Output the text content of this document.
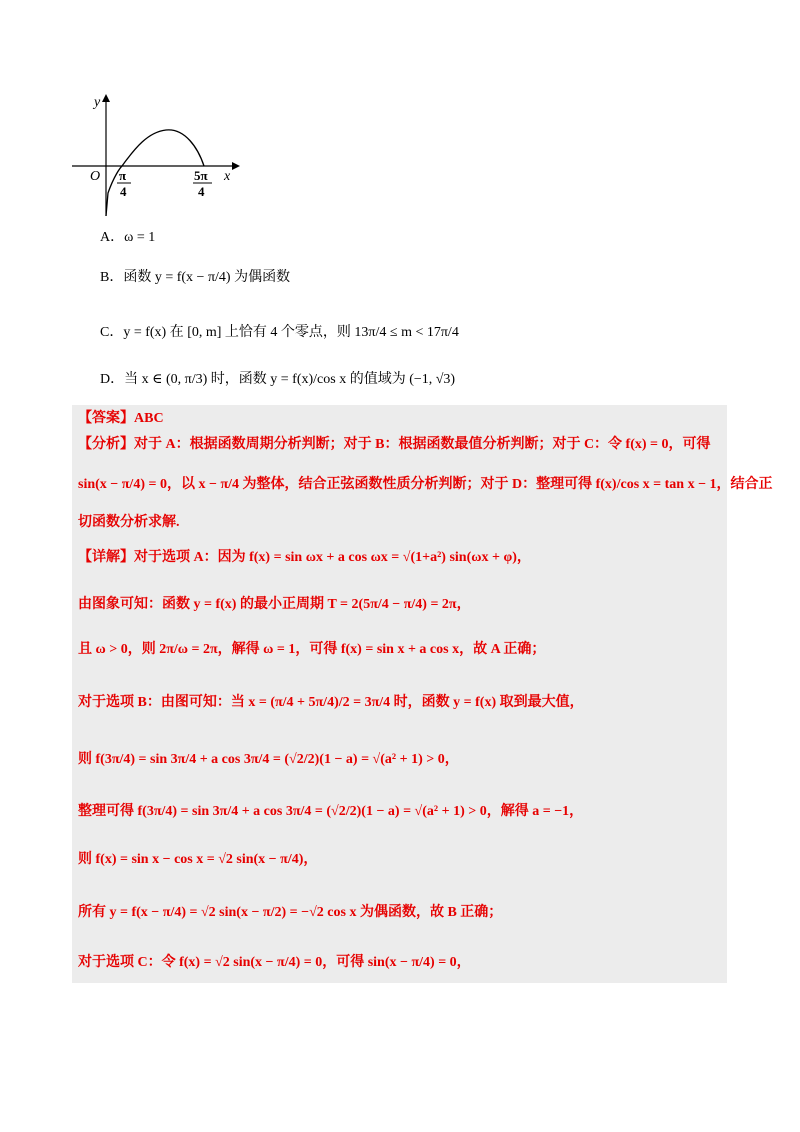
y
x
O π
4
5π
4
A．ω = 1
B．函数 y = f(x − π/4) 为偶函数
C．y = f(x) 在 [0, m] 上恰有 4 个零点，则 13π/4 ≤ m < 17π/4
D．当 x ∈ (0, π/3) 时，函数 y = f(x)/cos x 的值域为 (−1, √3)
【答案】ABC
【分析】对于 A：根据函数周期分析判断；对于 B：根据函数最值分析判断；对于 C：令 f(x) = 0，可得
sin(x − π/4) = 0，以 x − π/4 为整体，结合正弦函数性质分析判断；对于 D：整理可得 f(x)/cos x = tan x − 1，结合正
切函数分析求解.
【详解】对于选项 A：因为 f(x) = sin ωx + a cos ωx = √(1+a²) sin(ωx + φ)，
由图象可知：函数 y = f(x) 的最小正周期 T = 2(5π/4 − π/4) = 2π，
且 ω > 0，则 2π/ω = 2π，解得 ω = 1，可得 f(x) = sin x + a cos x，故 A 正确；
对于选项 B：由图可知：当 x = (π/4 + 5π/4)/2 = 3π/4 时，函数 y = f(x) 取到最大值，
则 f(3π/4) = sin 3π/4 + a cos 3π/4 = (√2/2)(1 − a) = √(a² + 1) > 0，
整理可得 f(3π/4) = sin 3π/4 + a cos 3π/4 = (√2/2)(1 − a) = √(a² + 1) > 0，解得 a = −1，
则 f(x) = sin x − cos x = √2 sin(x − π/4)，
所有 y = f(x − π/4) = √2 sin(x − π/2) = −√2 cos x 为偶函数，故 B 正确；
对于选项 C：令 f(x) = √2 sin(x − π/4) = 0，可得 sin(x − π/4) = 0，
